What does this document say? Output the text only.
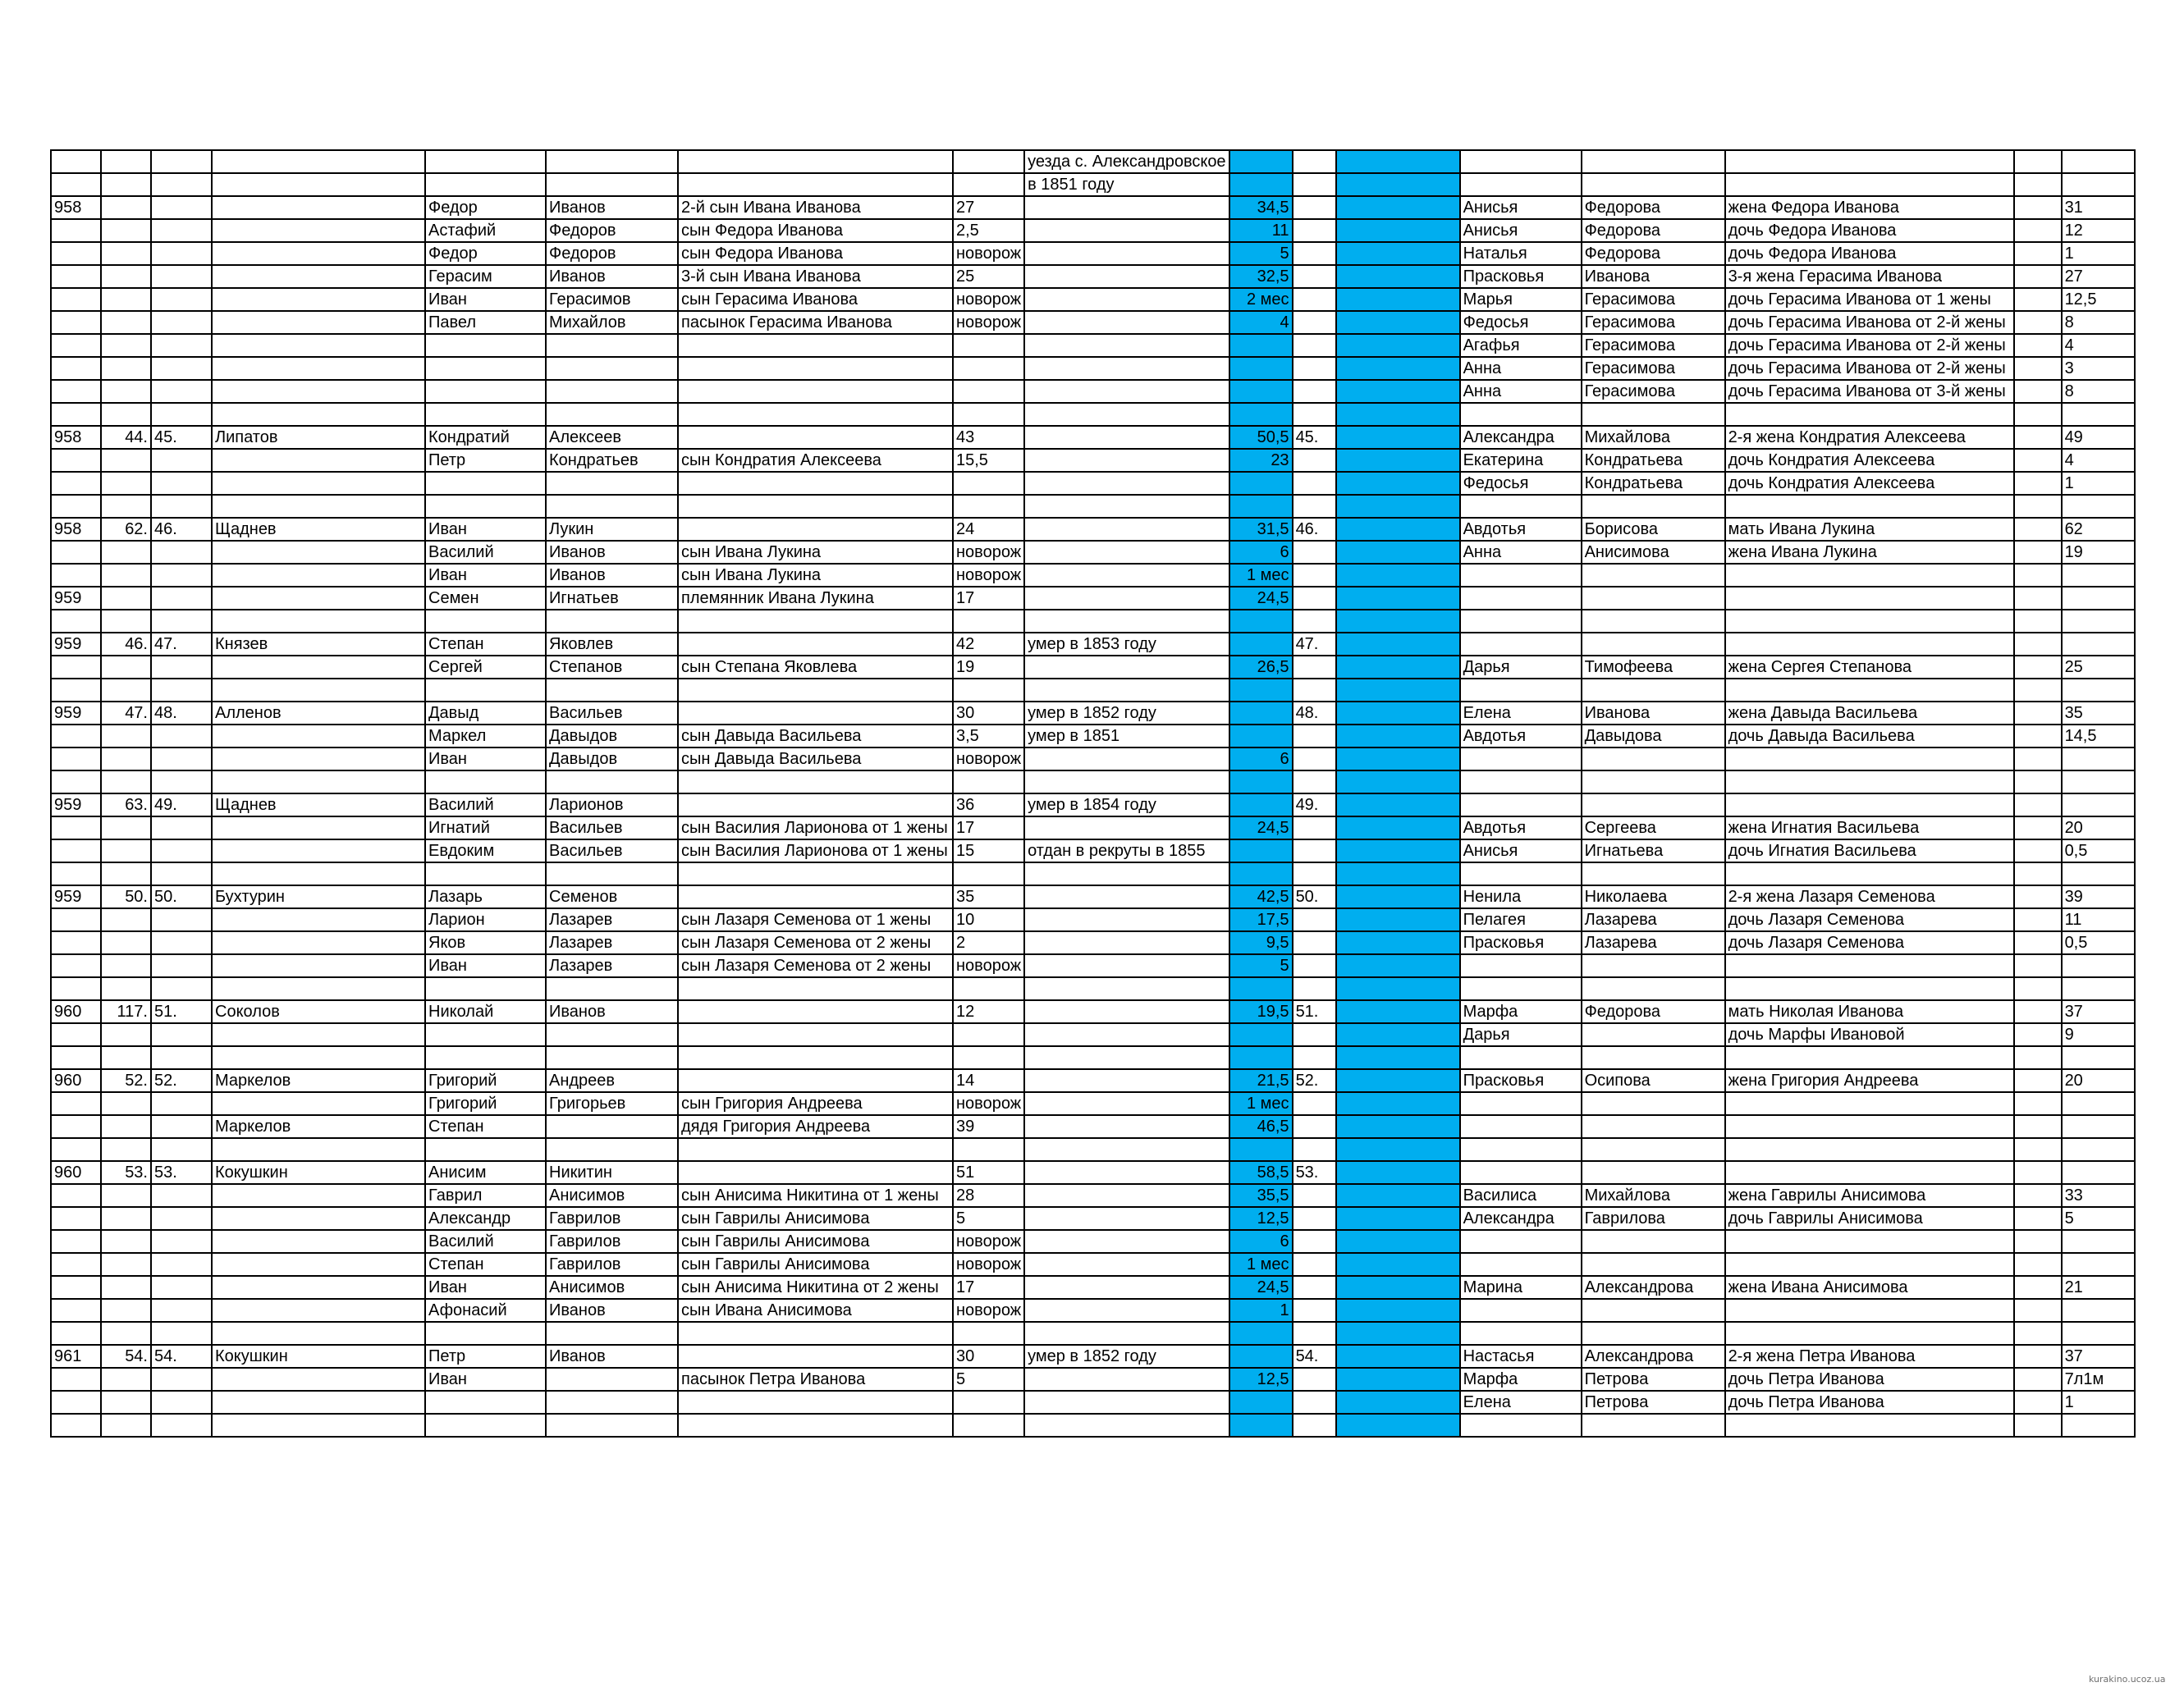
								уезда с. Александровское								
								в 1851 году								
958				Федор	Иванов	2-й сын Ивана Иванова	27		34,5			Анисья	Федорова	жена Федора Иванова		31
				Астафий	Федоров	сын Федора Иванова	2,5		11			Анисья	Федорова	дочь Федора Иванова		12
				Федор	Федоров	сын Федора Иванова	новорож		5			Наталья	Федорова	дочь Федора Иванова		1
				Герасим	Иванов	3-й сын Ивана Иванова	25		32,5			Прасковья	Иванова	3-я жена Герасима Иванова		27
				Иван	Герасимов	сын Герасима Иванова	новорож		2 мес			Марья	Герасимова	дочь Герасима Иванова от 1 жены		12,5
				Павел	Михайлов	пасынок Герасима Иванова	новорож		4			Федосья	Герасимова	дочь Герасима Иванова от 2-й жены		8
												Агафья	Герасимова	дочь Герасима Иванова от 2-й жены		4
												Анна	Герасимова	дочь Герасима Иванова от 2-й жены		3
												Анна	Герасимова	дочь Герасима Иванова от 3-й жены		8

958	44.	45.	Липатов	Кондратий	Алексеев		43		50,5	45.		Александра	Михайлова	2-я жена Кондратия Алексеева		49
				Петр	Кондратьев	сын Кондратия Алексеева	15,5		23			Екатерина	Кондратьева	дочь Кондратия Алексеева		4
												Федосья	Кондратьева	дочь Кондратия Алексеева		1

958	62.	46.	Щаднев	Иван	Лукин		24		31,5	46.		Авдотья	Борисова	мать Ивана Лукина		62
				Василий	Иванов	сын Ивана Лукина	новорож		6			Анна	Анисимова	жена Ивана Лукина		19
				Иван	Иванов	сын Ивана Лукина	новорож		1 мес							
959				Семен	Игнатьев	племянник Ивана Лукина	17		24,5							

959	46.	47.	Князев	Степан	Яковлев		42	умер в 1853 году		47.						
				Сергей	Степанов	сын Степана Яковлева	19		26,5			Дарья	Тимофеева	жена Сергея Степанова		25

959	47.	48.	Алленов	Давыд	Васильев		30	умер в 1852 году		48.		Елена	Иванова	жена Давыда Васильева		35
				Маркел	Давыдов	сын Давыда Васильева	3,5	умер в 1851				Авдотья	Давыдова	дочь Давыда Васильева		14,5
				Иван	Давыдов	сын Давыда Васильева	новорож		6							

959	63.	49.	Щаднев	Василий	Ларионов		36	умер в 1854 году		49.						
				Игнатий	Васильев	сын Василия Ларионова от 1 жены	17		24,5			Авдотья	Сергеева	жена Игнатия Васильева		20
				Евдоким	Васильев	сын Василия Ларионова от 1 жены	15	отдан в рекруты в 1855				Анисья	Игнатьева	дочь Игнатия Васильева		0,5

959	50.	50.	Бухтурин	Лазарь	Семенов		35		42,5	50.		Ненила	Николаева	2-я жена Лазаря Семенова		39
				Ларион	Лазарев	сын Лазаря Семенова от 1 жены	10		17,5			Пелагея	Лазарева	дочь Лазаря Семенова		11
				Яков	Лазарев	сын Лазаря Семенова от 2 жены	2		9,5			Прасковья	Лазарева	дочь Лазаря Семенова		0,5
				Иван	Лазарев	сын Лазаря Семенова от 2 жены	новорож		5							

960	117.	51.	Соколов	Николай	Иванов		12		19,5	51.		Марфа	Федорова	мать Николая Иванова		37
												Дарья		дочь Марфы Ивановой		9

960	52.	52.	Маркелов	Григорий	Андреев		14		21,5	52.		Прасковья	Осипова	жена Григория Андреева		20
				Григорий	Григорьев	сын Григория Андреева	новорож		1 мес							
			Маркелов	Степан		дядя Григория Андреева	39		46,5							

960	53.	53.	Кокушкин	Анисим	Никитин		51		58,5	53.						
				Гаврил	Анисимов	сын Анисима Никитина от 1 жены	28		35,5			Василиса	Михайлова	жена Гаврилы Анисимова		33
				Александр	Гаврилов	сын Гаврилы Анисимова	5		12,5			Александра	Гаврилова	дочь Гаврилы Анисимова		5
				Василий	Гаврилов	сын Гаврилы Анисимова	новорож		6							
				Степан	Гаврилов	сын Гаврилы Анисимова	новорож		1 мес							
				Иван	Анисимов	сын Анисима Никитина от 2 жены	17		24,5			Марина	Александрова	жена Ивана Анисимова		21
				Афонасий	Иванов	сын Ивана Анисимова	новорож		1							

961	54.	54.	Кокушкин	Петр	Иванов		30	умер в 1852 году		54.		Настасья	Александрова	2-я жена Петра Иванова		37
				Иван		пасынок Петра Иванова	5		12,5			Марфа	Петрова	дочь Петра Иванова		7л1м
												Елена	Петрова	дочь Петра Иванова		1

kurakino.ucoz.ua
